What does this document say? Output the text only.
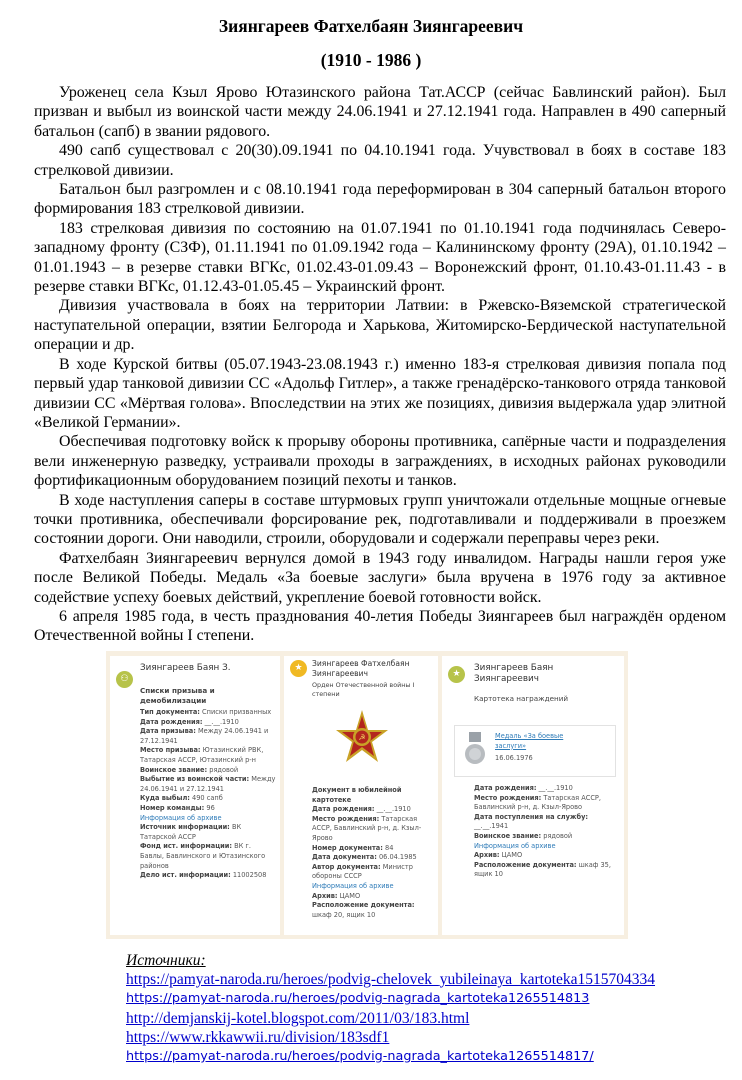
Зиянгареев Фатхелбаян Зиянгареевич
(1910 - 1986 )

Уроженец села Кзыл Ярово Ютазинского района Тат.АССР (сейчас Бавлинский район). Был призван и выбыл из воинской части между 24.06.1941 и 27.12.1941 года. Направлен в 490 саперный батальон (сапб) в звании рядового.

490 сапб существовал с 20(30).09.1941 по 04.10.1941 года. Учувствовал в боях в составе 183 стрелковой дивизии.

Батальон был разгромлен и с 08.10.1941 года переформирован в 304 саперный батальон второго формирования 183 стрелковой дивизии.

183 стрелковая дивизия по состоянию на 01.07.1941 по 01.10.1941 года подчинялась Северо-западному фронту (СЗФ), 01.11.1941 по 01.09.1942 года – Калининскому фронту (29А), 01.10.1942 – 01.01.1943 – в резерве ставки ВГКс, 01.02.43-01.09.43 – Воронежский фронт, 01.10.43-01.11.43 - в резерве ставки ВГКс, 01.12.43-01.05.45 – Украинский фронт.

Дивизия участвовала в боях на территории Латвии: в Ржевско-Вяземской стратегической наступательной операции, взятии Белгорода и Харькова, Житомирско-Бердической наступательной операции и др.

В ходе Курской битвы (05.07.1943-23.08.1943 г.) именно 183-я стрелковая дивизия попала под первый удар танковой дивизии СС «Адольф Гитлер», а также гренадёрско-танкового отряда танковой дивизии СС «Мёртвая голова». Впоследствии на этих же позициях, дивизия выдержала удар элитной «Великой Германии».

Обеспечивая подготовку войск к прорыву обороны противника, сапёрные части и подразделения вели инженерную разведку, устраивали проходы в заграждениях, в исходных районах руководили фортификационным оборудованием позиций пехоты и танков.

В ходе наступления саперы в составе штурмовых групп уничтожали отдельные мощные огневые точки противника, обеспечивали форсирование рек, подготавливали и поддерживали в проезжем состоянии дороги. Они наводили, строили, оборудовали и содержали переправы через реки.

Фатхелбаян Зиянгареевич вернулся домой в 1943 году инвалидом. Награды нашли героя уже после Великой Победы. Медаль «За боевые заслуги» была вручена в 1976 году за активное содействие успеху боевых действий, укрепление боевой готовности войск.

6 апреля 1985 года, в честь празднования 40-летия Победы Зиянгареев был награждён орденом Отечественной войны I степени.

⚇
Зиянгареев Баян З.
Списки призыва и
демобилизации
Тип документа: Списки призванных
Дата рождения: __.__.1910
Дата призыва: Между 24.06.1941 и 27.12.1941
Место призыва: Ютазинский РВК, Татарская АССР, Ютазинский р-н
Воинское звание: рядовой
Выбытие из воинской части: Между 24.06.1941 и 27.12.1941
Куда выбыл: 490 сапб
Номер команды: 96
Информация об архиве
Источник информации: ВК Татарской АССР
Фонд ист. информации: ВК г. Бавлы, Бавлинского и Ютазинского районов
Дело ист. информации: 11002508
★	Зиянгареев Фатхелбаян
Зиянгареевич
Орден Отечественной войны I
степени
☭
Документ в юбилейной картотеке
Дата рождения: __.__.1910
Место рождения: Татарская АССР, Бавлинский р-н, д. Кзыл-Ярово
Номер документа: 84
Дата документа: 06.04.1985
Автор документа: Министр обороны СССР
Информация об архиве
Архив: ЦАМО
Расположение документа: шкаф 20, ящик 10
★
Зиянгареев Баян
Зиянгареевич
Картотека награждений
Медаль «За боевые
заслуги»
16.06.1976
Дата рождения: __.__.1910
Место рождения: Татарская АССР, Бавлинский р-н, д. Кзыл-Ярово
Дата поступления на службу: __.__.1941
Воинское звание: рядовой
Информация об архиве
Архив: ЦАМО
Расположение документа: шкаф 35, ящик 10
Источники:
https://pamyat-naroda.ru/heroes/podvig-chelovek_yubileinaya_kartoteka1515704334
https://pamyat-naroda.ru/heroes/podvig-nagrada_kartoteka1265514813
http://demjanskij-kotel.blogspot.com/2011/03/183.html
https://www.rkkawwii.ru/division/183sdf1
https://pamyat-naroda.ru/heroes/podvig-nagrada_kartoteka1265514817/
